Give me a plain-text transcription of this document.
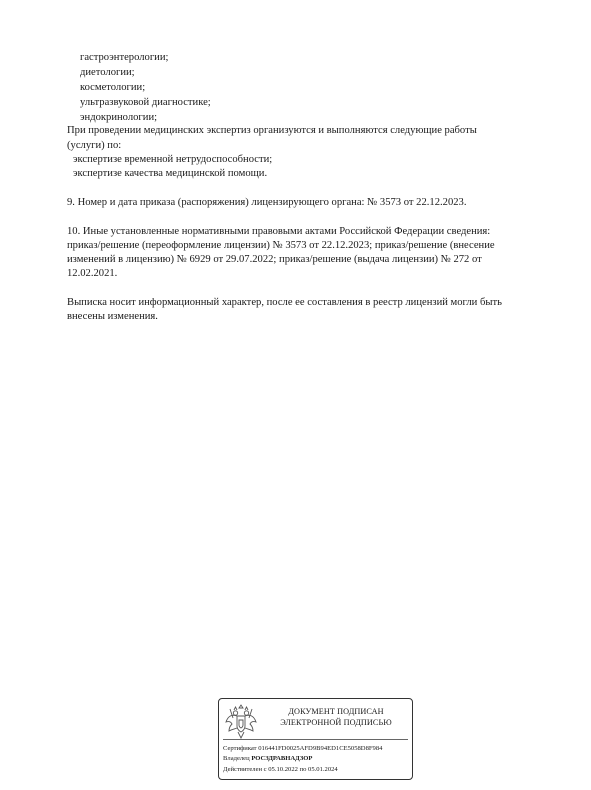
гастроэнтерологии;
диетологии;
косметологии;
ультразвуковой диагностике;
эндокринологии;
При проведении медицинских экспертиз организуются и выполняются следующие работы
(услуги) по:
экспертизе временной нетрудоспособности;
экспертизе качества медицинской помощи.
9. Номер и дата приказа (распоряжения) лицензирующего органа: № 3573 от 22.12.2023.
10. Иные установленные нормативными правовыми актами Российской Федерации сведения:
приказ/решение (переоформление лицензии) № 3573 от 22.12.2023; приказ/решение (внесение
изменений в лицензию) № 6929 от 29.07.2022; приказ/решение (выдача лицензии) № 272 от
12.02.2021.
Выписка носит информационный характер, после ее составления в реестр лицензий могли быть
внесены изменения.
ДОКУМЕНТ ПОДПИСАН
ЭЛЕКТРОННОЙ ПОДПИСЬЮ
Сертификат 016441FD0025AFD9B94ED1CE5058D8F984
Владелец РОСЗДРАВНАДЗОР
Действителен с 05.10.2022 по 05.01.2024
